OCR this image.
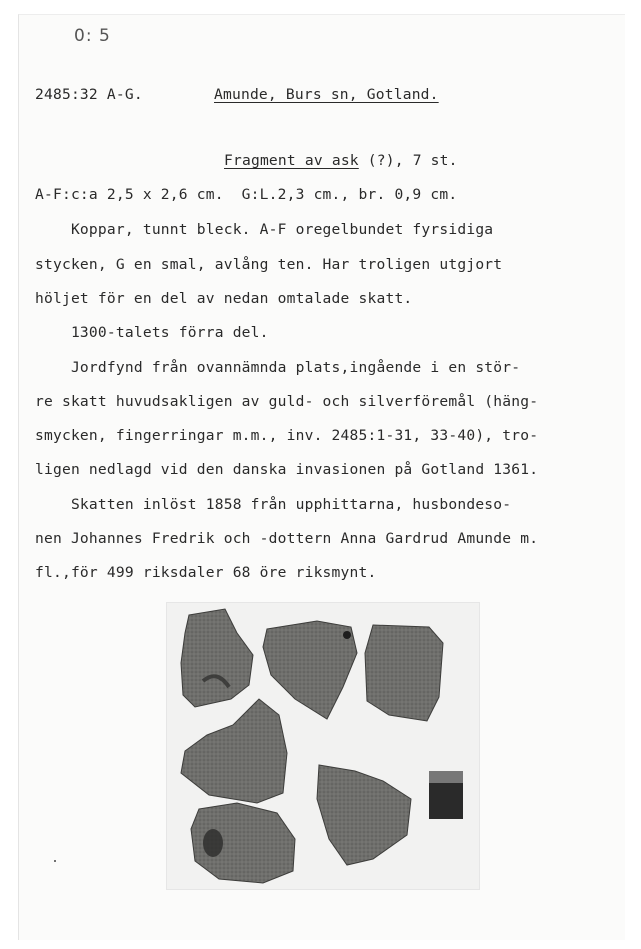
0: 5
2485:32 A-G.	Amunde, Burs sn, Gotland.
Fragment av ask (?), 7 st.
A-F:c:a 2,5 x 2,6 cm.  G:L.2,3 cm., br. 0,9 cm.
Koppar, tunnt bleck. A-F oregelbundet fyrsidiga
stycken, G en smal, avlång ten. Har troligen utgjort
höljet för en del av nedan omtalade skatt.
1300-talets förra del.
Jordfynd från ovannämnda plats,ingående i en stör-
re skatt huvudsakligen av guld- och silverföremål (häng-
smycken, fingerringar m.m., inv. 2485:1-31, 33-40), tro-
ligen nedlagd vid den danska invasionen på Gotland 1361.
Skatten inlöst 1858 från upphittarna, husbondeso-
nen Johannes Fredrik och -dottern Anna Gardrud Amunde m.
fl.,för 499 riksdaler 68 öre riksmynt.
